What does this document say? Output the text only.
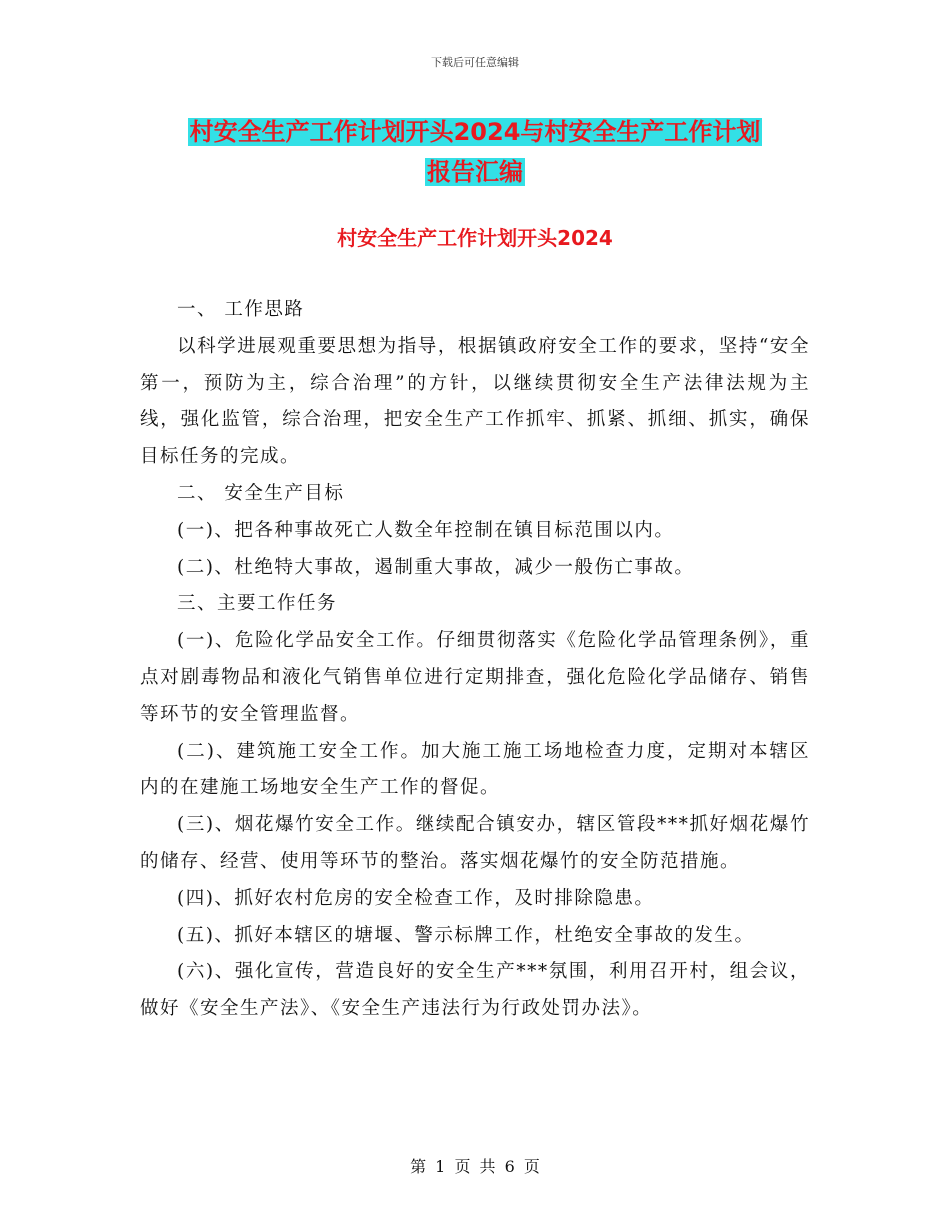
下载后可任意编辑
村安全生产工作计划开头2024与村安全生产工作计划
报告汇编
村安全生产工作计划开头2024

一、 工作思路

以科学进展观重要思想为指导，根据镇政府安全工作的要求，坚持“安全第一，预防为主，综合治理”的方针，以继续贯彻安全生产法律法规为主线，强化监管，综合治理，把安全生产工作抓牢、抓紧、抓细、抓实，确保目标任务的完成。

二、 安全生产目标

(一)、把各种事故死亡人数全年控制在镇目标范围以内。

(二)、杜绝特大事故，遏制重大事故，减少一般伤亡事故。

三、主要工作任务

(一)、危险化学品安全工作。仔细贯彻落实《危险化学品管理条例》，重点对剧毒物品和液化气销售单位进行定期排查，强化危险化学品储存、销售等环节的安全管理监督。

(二)、建筑施工安全工作。加大施工施工场地检查力度，定期对本辖区内的在建施工场地安全生产工作的督促。

(三)、烟花爆竹安全工作。继续配合镇安办，辖区管段***抓好烟花爆竹的储存、经营、使用等环节的整治。落实烟花爆竹的安全防范措施。

(四)、抓好农村危房的安全检查工作，及时排除隐患。

(五)、抓好本辖区的塘堰、警示标牌工作，杜绝安全事故的发生。

(六)、强化宣传，营造良好的安全生产***氛围，利用召开村，组会议，做好《安全生产法》、《安全生产违法行为行政处罚办法》。

第 1 页 共 6 页
